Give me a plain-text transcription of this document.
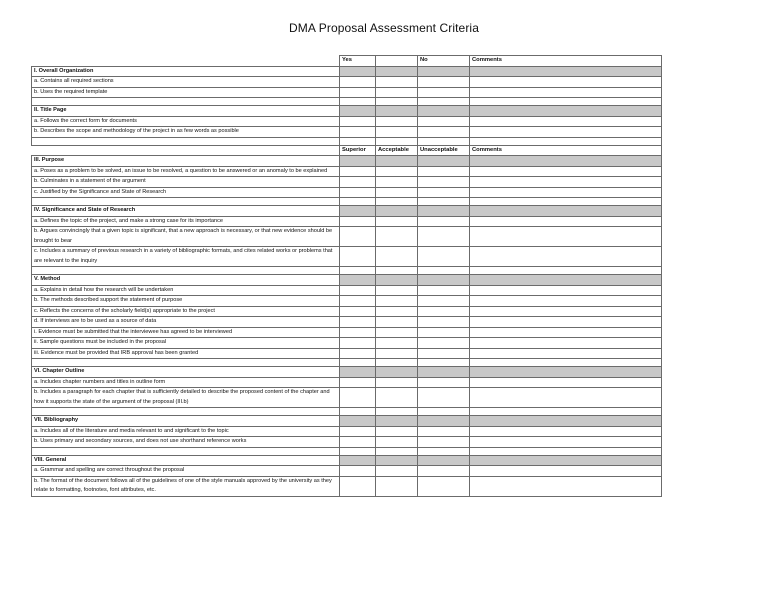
DMA Proposal Assessment Criteria
	Yes		No	Comments
I. Overall Organization				
a. Contains all required sections				
b. Uses the required template				

II. Title Page				
a. Follows the correct form for documents				
b. Describes the scope and methodology of the project in as few words as possible				

	Superior	Acceptable	Unacceptable	Comments
III. Purpose				
a. Poses as a problem to be solved, an issue to be resolved, a question to be answered or an anomaly to be explained				
b. Culminates in a statement of the argument				
c. Justified by the Significance and State of Research				

IV. Significance and State of Research				
a. Defines the topic of the project, and make a strong case for its importance				
b. Argues convincingly that a given topic is significant, that a new approach is necessary, or that new evidence should be brought to bear				
c. Includes a summary of previous research in a variety of bibliographic formats, and cites related works or problems that are relevant to the inquiry				

V. Method				
a. Explains in detail how the research will be undertaken				
b. The methods described support the statement of purpose				
c. Reflects the concerns of the scholarly field(s) appropriate to the project				
d. If interviews are to be used as a source of data				
i. Evidence must be submitted that the interviewee has agreed to be interviewed				
ii. Sample questions must be included in the proposal				
iii. Evidence must be provided that IRB approval has been granted				

VI. Chapter Outline				
a. Includes chapter numbers and titles in outline form				
b. Includes a paragraph for each chapter that is sufficiently detailed to describe the proposed content of the chapter and how it supports the state of the argument of the proposal (III.b)				

VII. Bibliography				
a. Includes all of the literature and media relevant to and significant to the topic				
b. Uses primary and secondary sources, and does not use shorthand reference works				

VIII. General				
a. Grammar and spelling are correct throughout the proposal				
b. The format of the document follows all of the guidelines of one of the style manuals approved by the university as they relate to formatting, footnotes, font attributes, etc.				
